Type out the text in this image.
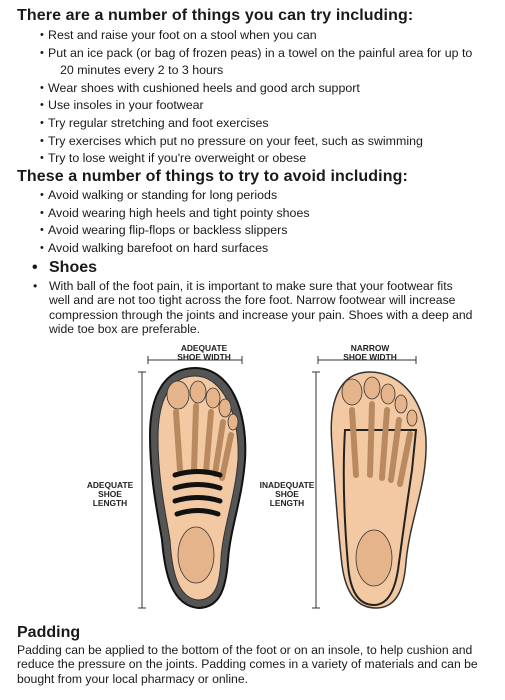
There are a number of things you can try including:
• Rest and raise your foot on a stool when you can
• Put an ice pack (or bag of frozen peas) in a towel on the painful area for up to
20 minutes every 2 to 3 hours
• Wear shoes with cushioned heels and good arch support
• Use insoles in your footwear
• Try regular stretching and foot exercises
• Try exercises which put no pressure on your feet, such as swimming
• Try to lose weight if you're overweight or obese
These a number of things to try to avoid including:
• Avoid walking or standing for long periods
• Avoid wearing high heels and tight pointy shoes
• Avoid wearing flip-flops or backless slippers
• Avoid walking barefoot on hard surfaces
• Shoes

• With ball of the foot pain, it is important to make sure that your footwear fits well and are not too tight across the fore foot. Narrow footwear will increase compression through the joints and increase your pain. Shoes with a deep and wide toe box are preferable.

ADEQUATE
SHOE WIDTH
ADEQUATE
SHOE
LENGTH
NARROW
SHOE WIDTH
INADEQUATE
SHOE
LENGTH
Padding
Padding can be applied to the bottom of the foot or on an insole, to help cushion and reduce the pressure on the joints. Padding comes in a variety of materials and can be bought from your local pharmacy or online.
